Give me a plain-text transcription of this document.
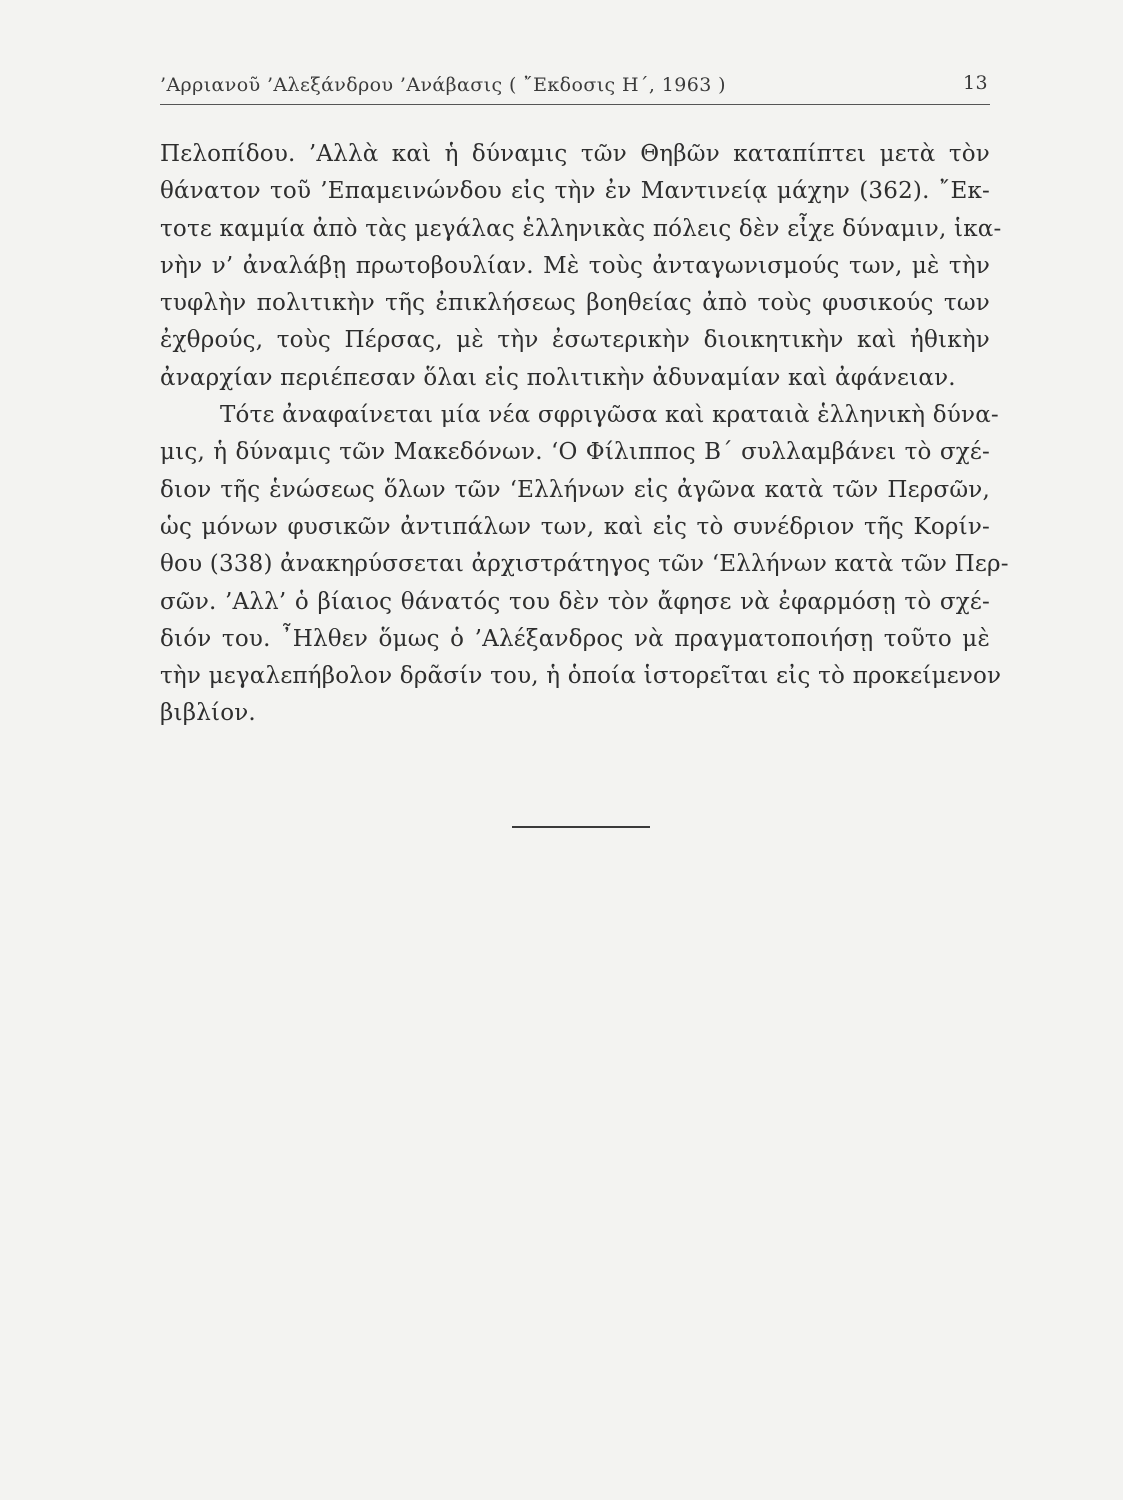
’Αρριανοῦ ’Αλεξάνδρου ’Ανάβασις ( ῎Εκδοσις Η΄, 1963 )	13
Πελοπίδου. ’Αλλὰ καὶ ἡ δύναμις τῶν Θηβῶν καταπίπτει μετὰ τὸν
θάνατον τοῦ ’Επαμεινώνδου εἰς τὴν ἐν Μαντινείᾳ μάχην (362). ῎Εκ-
τοτε καμμία ἀπὸ τὰς μεγάλας ἑλληνικὰς πόλεις δὲν εἶχε δύναμιν, ἱκα-
νὴν ν’ ἀναλάβῃ πρωτοβουλίαν. Μὲ τοὺς ἀνταγωνισμούς των, μὲ τὴν
τυφλὴν πολιτικὴν τῆς ἐπικλήσεως βοηθείας ἀπὸ τοὺς φυσικούς των
ἐχθρούς, τοὺς Πέρσας, μὲ τὴν ἐσωτερικὴν διοικητικὴν καὶ ἠθικὴν
ἀναρχίαν περιέπεσαν ὅλαι εἰς πολιτικὴν ἀδυναμίαν καὶ ἀφάνειαν.
Τότε ἀναφαίνεται μία νέα σφριγῶσα καὶ κραταιὰ ἑλληνικὴ δύνα-
μις, ἡ δύναμις τῶν Μακεδόνων. ‘Ο Φίλιππος Β΄ συλλαμβάνει τὸ σχέ-
διον τῆς ἑνώσεως ὅλων τῶν ‘Ελλήνων εἰς ἀγῶνα κατὰ τῶν Περσῶν,
ὡς μόνων φυσικῶν ἀντιπάλων των, καὶ εἰς τὸ συνέδριον τῆς Κορίν-
θου (338) ἀνακηρύσσεται ἀρχιστράτηγος τῶν ‘Ελλήνων κατὰ τῶν Περ-
σῶν. ’Αλλ’ ὁ βίαιος θάνατός του δὲν τὸν ἄφησε νὰ ἐφαρμόσῃ τὸ σχέ-
διόν του. ῏Ηλθεν ὅμως ὁ ’Αλέξανδρος νὰ πραγματοποιήσῃ τοῦτο μὲ
τὴν μεγαλεπήβολον δρᾶσίν του, ἡ ὁποία ἱστορεῖται εἰς τὸ προκείμενον
βιβλίον.
